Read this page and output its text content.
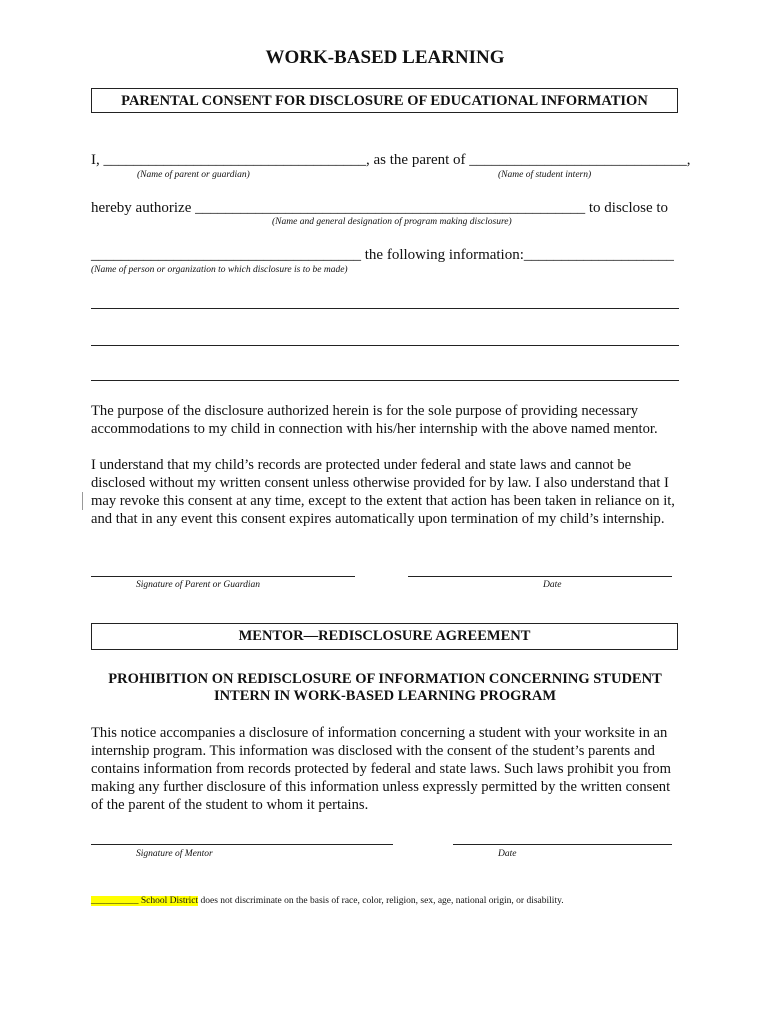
WORK-BASED LEARNING
PARENTAL CONSENT FOR DISCLOSURE OF EDUCATIONAL INFORMATION
I, ___________________________________, as the parent of _____________________________,
(Name of parent or guardian)	(Name of student intern)
hereby authorize ____________________________________________________ to disclose to
(Name and general designation of program making disclosure)
____________________________________ the following information:____________________
(Name of person or organization to which disclosure is to be made)

The purpose of the disclosure authorized herein is for the sole purpose of providing necessary accommodations to my child in connection with his/her internship with the above named mentor.

I understand that my child’s records are protected under federal and state laws and cannot be disclosed without my written consent unless otherwise provided for by law. I also understand that I may revoke this consent at any time, except to the extent that action has been taken in reliance on it, and that in any event this consent expires automatically upon termination of my child’s internship.

Signature of Parent or Guardian	Date
MENTOR—REDISCLOSURE AGREEMENT
PROHIBITION ON REDISCLOSURE OF INFORMATION CONCERNING STUDENT
INTERN IN WORK-BASED LEARNING PROGRAM

This notice accompanies a disclosure of information concerning a student with your worksite in an internship program. This information was disclosed with the consent of the student’s parents and contains information from records protected by federal and state laws. Such laws prohibit you from making any further disclosure of this information unless expressly permitted by the written consent of the parent of the student to whom it pertains.

Signature of Mentor	Date
__________ School District does not discriminate on the basis of race, color, religion, sex, age, national origin, or disability.
